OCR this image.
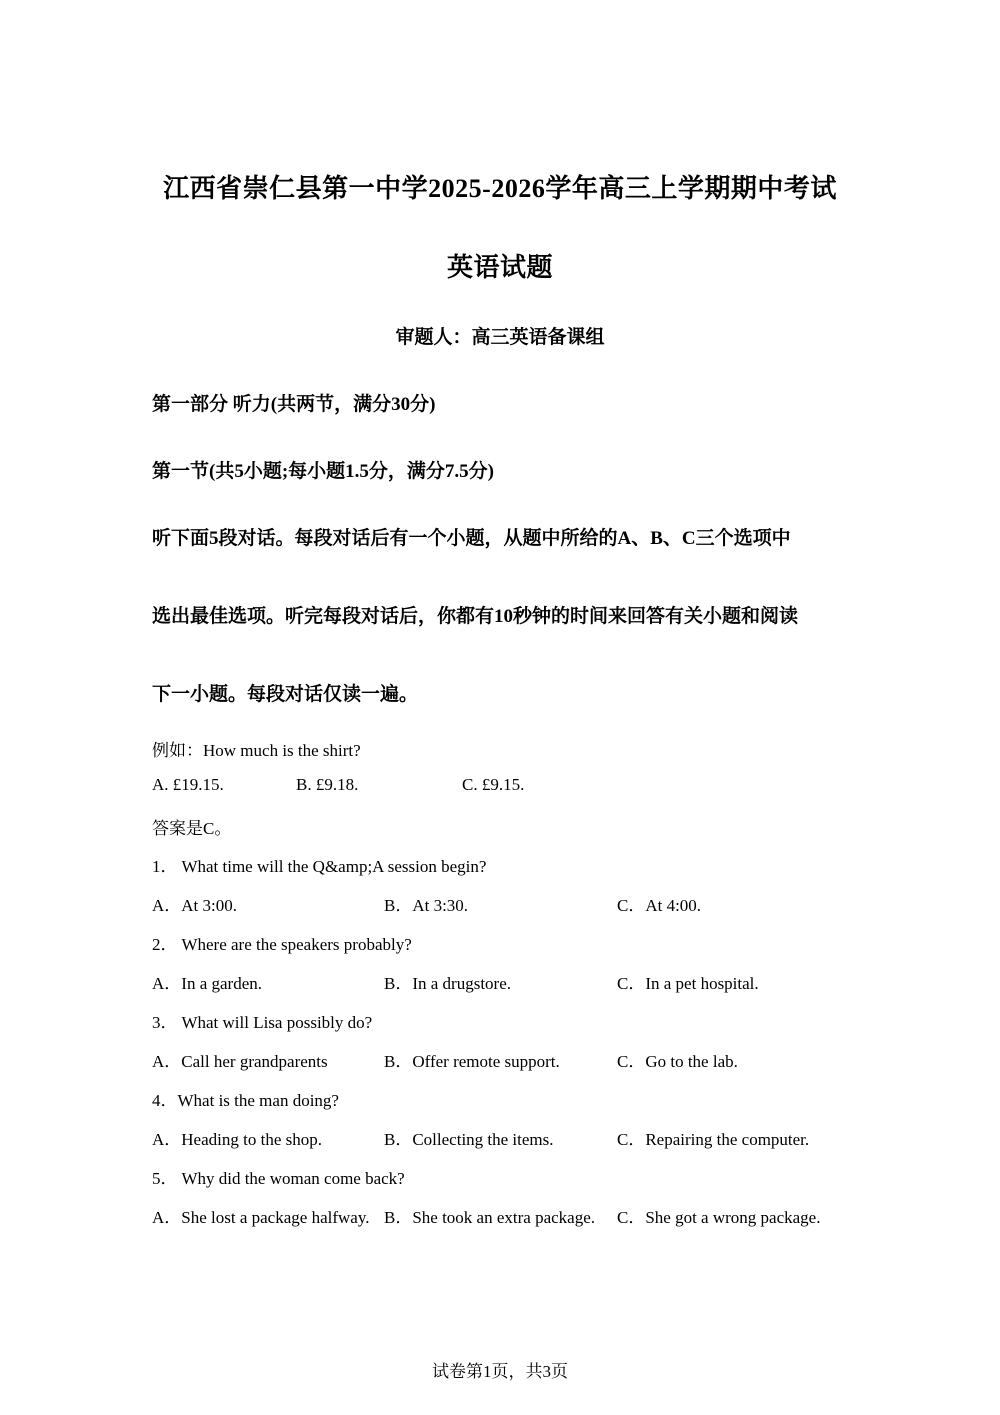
江西省崇仁县第一中学2025-2026学年高三上学期期中考试
英语试题
审题人：高三英语备课组
第一部分 听力(共两节，满分30分)
第一节(共5小题;每小题1.5分，满分7.5分)
听下面5段对话。每段对话后有一个小题，从题中所给的A、B、C三个选项中
选出最佳选项。听完每段对话后，你都有10秒钟的时间来回答有关小题和阅读
下一小题。每段对话仅读一遍。
例如：How much is the shirt?
A. £19.15.	B. £9.18.	C. £9.15.
答案是C。
1． What time will the Q&amp;A session begin?
A．At 3:00.	B．At 3:30.	C．At 4:00.
2． Where are the speakers probably?
A．In a garden.	B．In a drugstore.	C．In a pet hospital.
3． What will Lisa possibly do?
A．Call her grandparents	B．Offer remote support.	C．Go to the lab.
4．What is the man doing?
A．Heading to the shop.	B．Collecting the items.	C．Repairing the computer.
5． Why did the woman come back?
A．She lost a package halfway. B．She took an extra package. C．She got a wrong package.
试卷第1页，共3页
